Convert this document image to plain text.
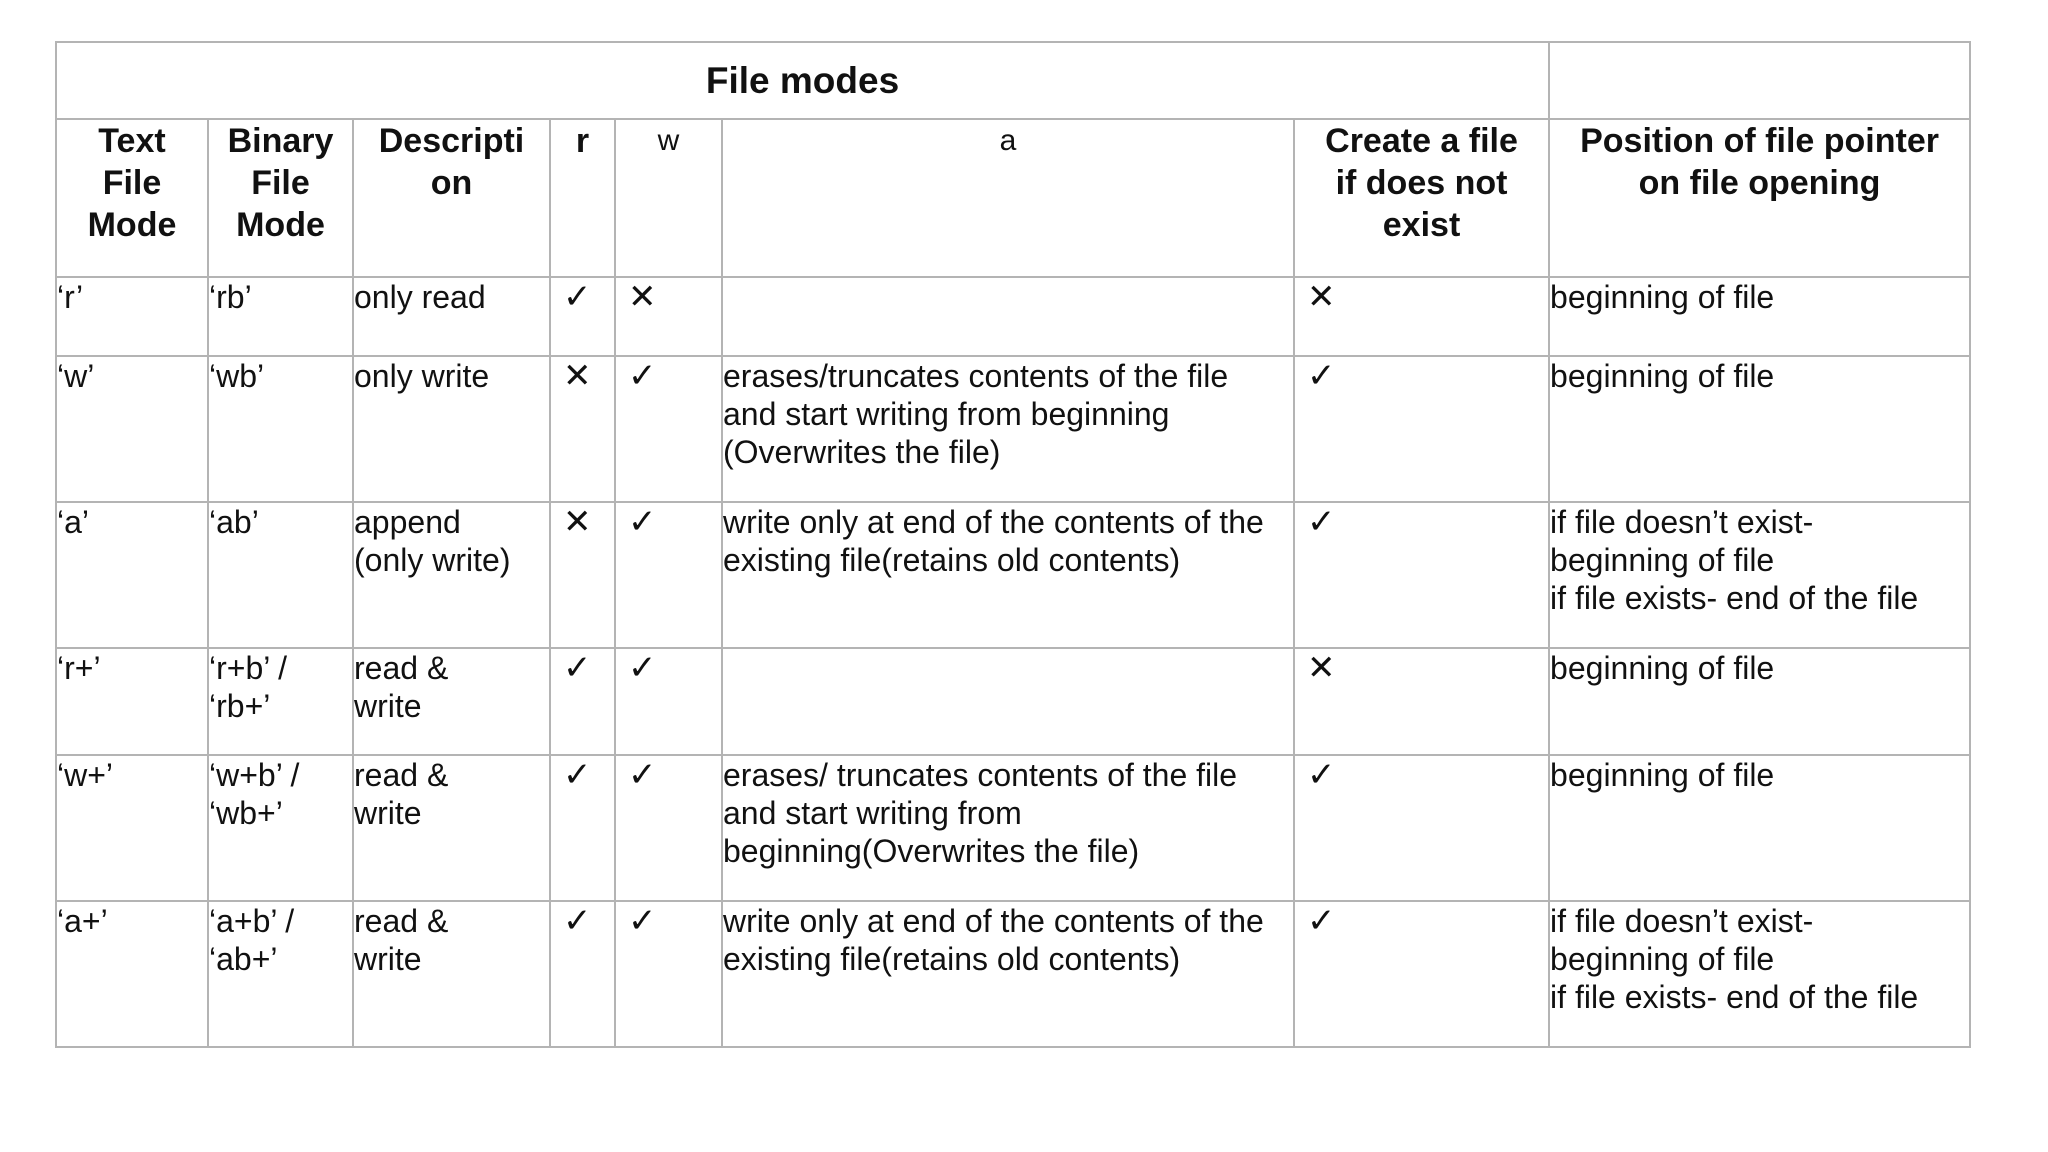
File modes							
Text File Mode	Binary File Mode	Descripti on	r	w	a	Create a file if does not exist	Position of file pointer on file opening

‘r’	‘rb’	only read	✓	✕		✕	beginning of file

‘w’	‘wb’	only write	✕	✓	erases/truncates contents of the file
and start writing from beginning
(Overwrites the file)	✓	beginning of file

‘a’	‘ab’	append
(only write)	✕	✓	write only at end of the contents of the
existing file(retains old contents)	✓	if file doesn’t exist-
beginning of file
if file exists- end of the file

‘r+’	‘r+b’ /
‘rb+’	read &
write	✓	✓		✕	beginning of file

‘w+’	‘w+b’ /
‘wb+’	read &
write	✓	✓	erases/ truncates contents of the file
and start writing from
beginning(Overwrites the file)	✓	beginning of file

‘a+’	‘a+b’ /
‘ab+’	read &
write	✓	✓	write only at end of the contents of the
existing file(retains old contents)	✓	if file doesn’t exist-
beginning of file
if file exists- end of the file
